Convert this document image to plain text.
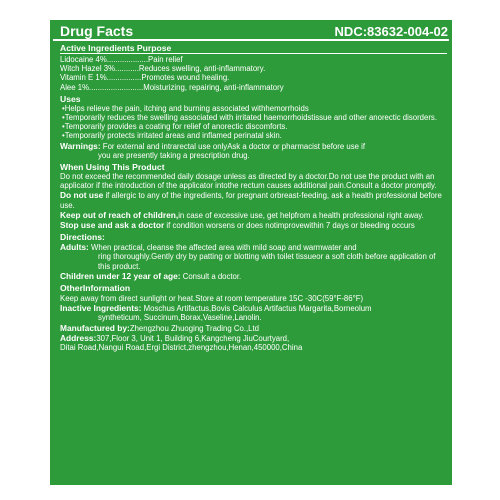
Drug Facts	NDC:83632-004-02
Active Ingredients Purpose
Lidocaine 4% ................... Pain relief
Witch Hazel 3% ........... Reduces swelling, anti-inflammatory.
Vitamin E 1% ................ Promotes wound healing.
Alee 1% ......................... Moisturizing, repairing, anti-inflammatory
Uses
•Helps relieve the pain, itching and burning associated withhemorrhoids
•Temporarily reduces the swelling associated with irritated haemorrhoidstissue and other anorectic disorders.
•Temporarily provides a coating for relief of anorectic discomforts.
•Temporarily protects irritated areas and inflamed perinatal skin.
Warnings: For external and intrarectal use onlyAsk a doctor or pharmacist before use if
you are presently taking a prescription drug.
When Using This Product
Do not exceed the recommended daily dosage unless as directed by a doctor.Do not use the product with an applicator if the introduction of the applicator intothe rectum causes additional pain.Consult a doctor promptly.
Do not use if allergic to any of the ingredients, for pregnant orbreast-feeding, ask a health professional before use.
Keep out of reach of children,in case of excessive use, get helpfrom a health professional right away.
Stop use and ask a doctor if condition worsens or does notimprovewithin 7 days or bleeding occurs
Directions:
Adults: When practical, cleanse the affected area with mild soap and warmwater and
ring thoroughly.Gently dry by patting or blotting with toilet tissueor a soft cloth before application of this product.
Children under 12 year of age: Consult a doctor.
OtherInformation
Keep away from direct sunlight or heat.Store at room temperature 15C -30C(59°F-86°F)
Inactive Ingredients: Moschus Artifactus,Bovis Calculus Artifactus Margarita,Borneolum
syntheticum, Succinum,Borax,Vaseline,Lanolin.
Manufactured by:Zhengzhou Zhuoging Trading Co.,Ltd
Address:307,Floor 3, Unit 1, Building 6,Kangcheng JiuCourtyard,
Ditai Road,Nangui Road,Ergi District,zhengzhou,Henan,450000,China
